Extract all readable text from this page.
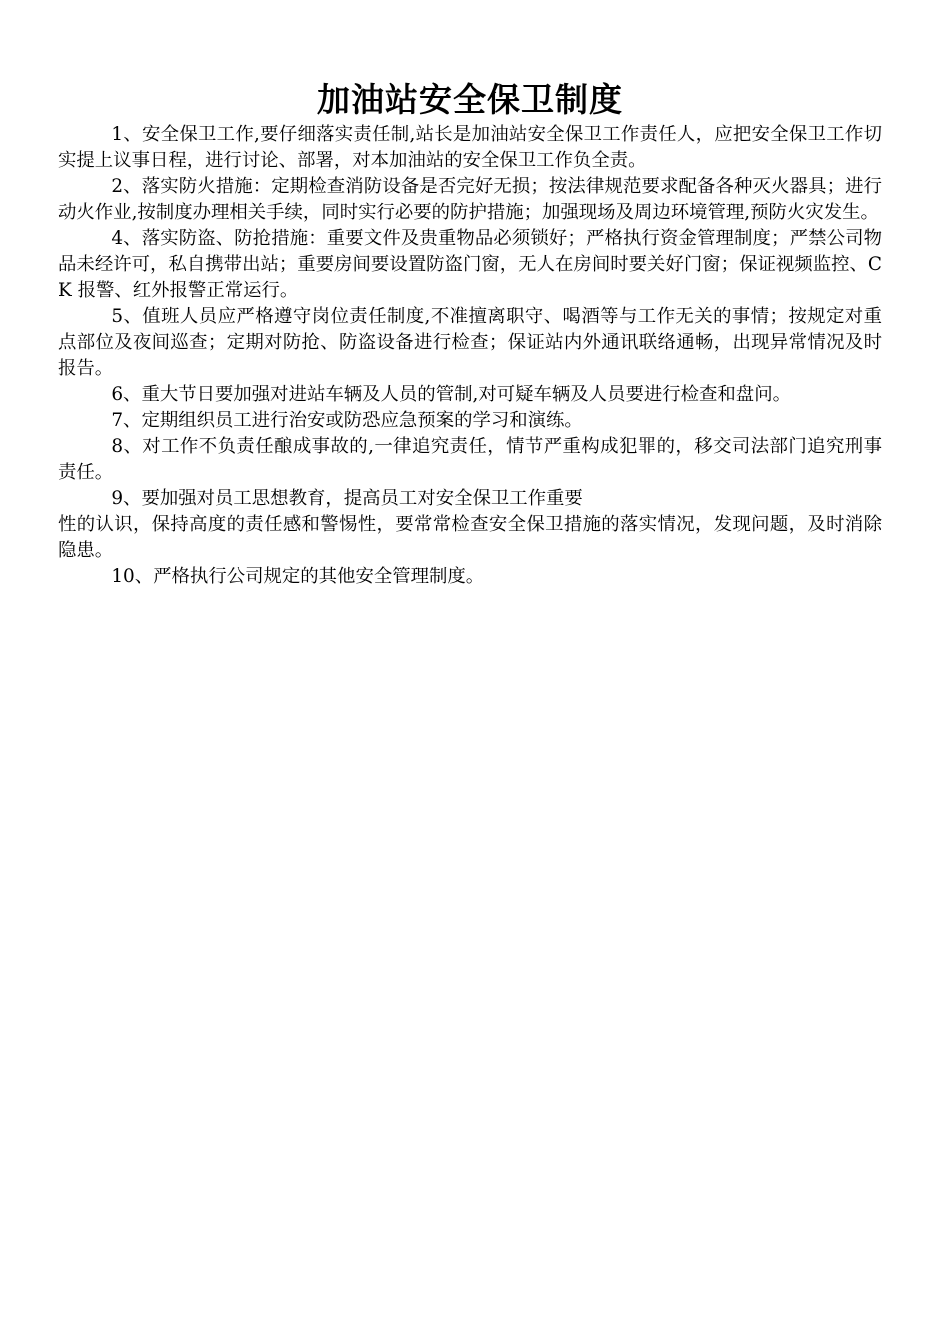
加油站安全保卫制度

1、安全保卫工作,要仔细落实责任制,站长是加油站安全保卫工作责任人，应把安全保卫工作切实提上议事日程，进行讨论、部署，对本加油站的安全保卫工作负全责。

2、落实防火措施：定期检查消防设备是否完好无损；按法律规范要求配备各种灭火器具；进行动火作业,按制度办理相关手续，同时实行必要的防护措施；加强现场及周边环境管理,预防火灾发生。

4、落实防盗、防抢措施：重要文件及贵重物品必须锁好；严格执行资金管理制度；严禁公司物品未经许可，私自携带出站；重要房间要设置防盗门窗，无人在房间时要关好门窗；保证视频监控、CK 报警、红外报警正常运行。

5、值班人员应严格遵守岗位责任制度,不准擅离职守、喝酒等与工作无关的事情；按规定对重点部位及夜间巡查；定期对防抢、防盗设备进行检查；保证站内外通讯联络通畅，出现异常情况及时报告。

6、重大节日要加强对进站车辆及人员的管制,对可疑车辆及人员要进行检查和盘问。

7、定期组织员工进行治安或防恐应急预案的学习和演练。

8、对工作不负责任酿成事故的,一律追究责任，情节严重构成犯罪的，移交司法部门追究刑事责任。

9、要加强对员工思想教育，提高员工对安全保卫工作重要

性的认识，保持高度的责任感和警惕性，要常常检查安全保卫措施的落实情况，发现问题，及时消除隐患。

10、严格执行公司规定的其他安全管理制度。
